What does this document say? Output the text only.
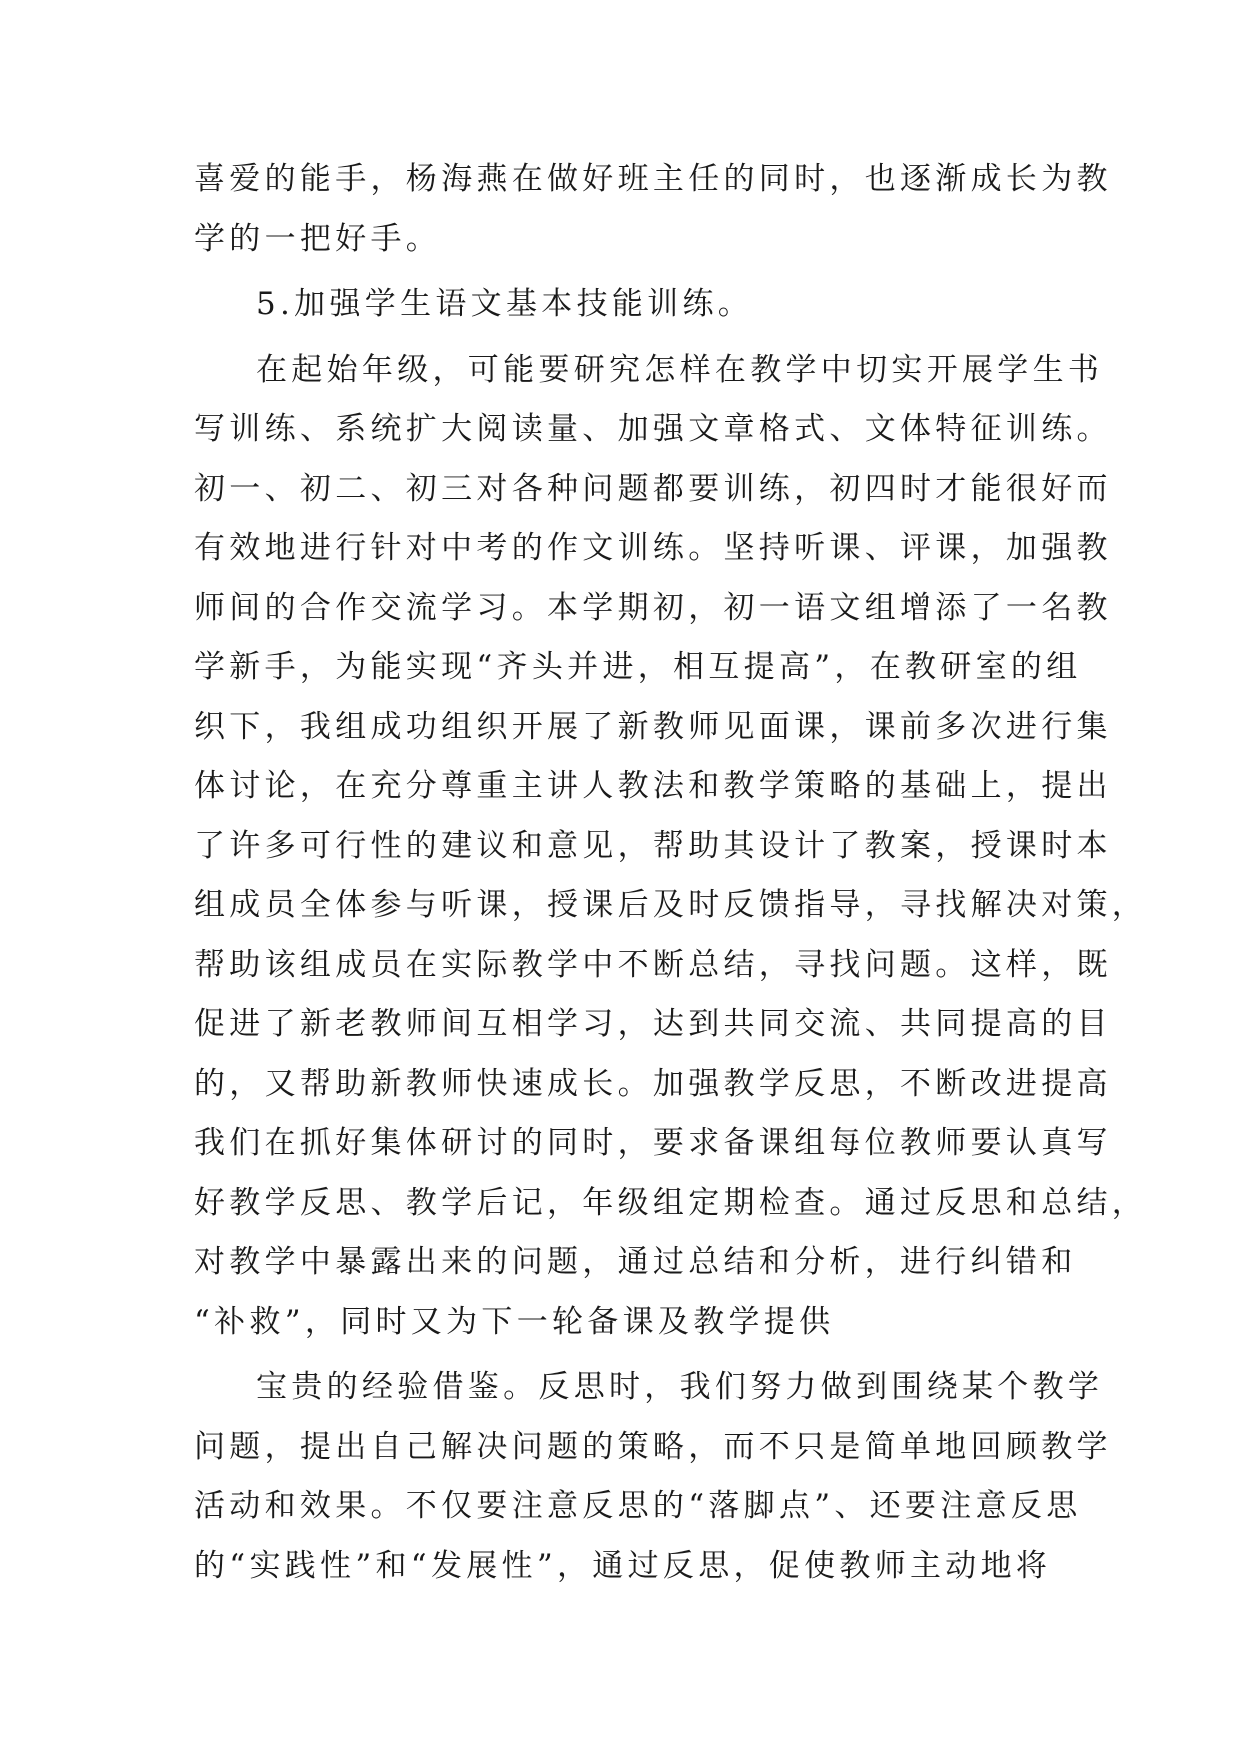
喜爱的能手，杨海燕在做好班主任的同时，也逐渐成长为教
学的一把好手。
5.加强学生语文基本技能训练。
在起始年级，可能要研究怎样在教学中切实开展学生书
写训练、系统扩大阅读量、加强文章格式、文体特征训练。
初一、初二、初三对各种问题都要训练，初四时才能很好而
有效地进行针对中考的作文训练。坚持听课、评课，加强教
师间的合作交流学习。本学期初，初一语文组增添了一名教
学新手，为能实现“齐头并进，相互提高”，在教研室的组
织下，我组成功组织开展了新教师见面课，课前多次进行集
体讨论，在充分尊重主讲人教法和教学策略的基础上，提出
了许多可行性的建议和意见，帮助其设计了教案，授课时本
组成员全体参与听课，授课后及时反馈指导，寻找解决对策，
帮助该组成员在实际教学中不断总结，寻找问题。这样，既
促进了新老教师间互相学习，达到共同交流、共同提高的目
的，又帮助新教师快速成长。加强教学反思，不断改进提高
我们在抓好集体研讨的同时，要求备课组每位教师要认真写
好教学反思、教学后记，年级组定期检查。通过反思和总结，
对教学中暴露出来的问题，通过总结和分析，进行纠错和
“补救”，同时又为下一轮备课及教学提供
宝贵的经验借鉴。反思时，我们努力做到围绕某个教学
问题，提出自己解决问题的策略，而不只是简单地回顾教学
活动和效果。不仅要注意反思的“落脚点”、还要注意反思
的“实践性”和“发展性”，通过反思，促使教师主动地将
